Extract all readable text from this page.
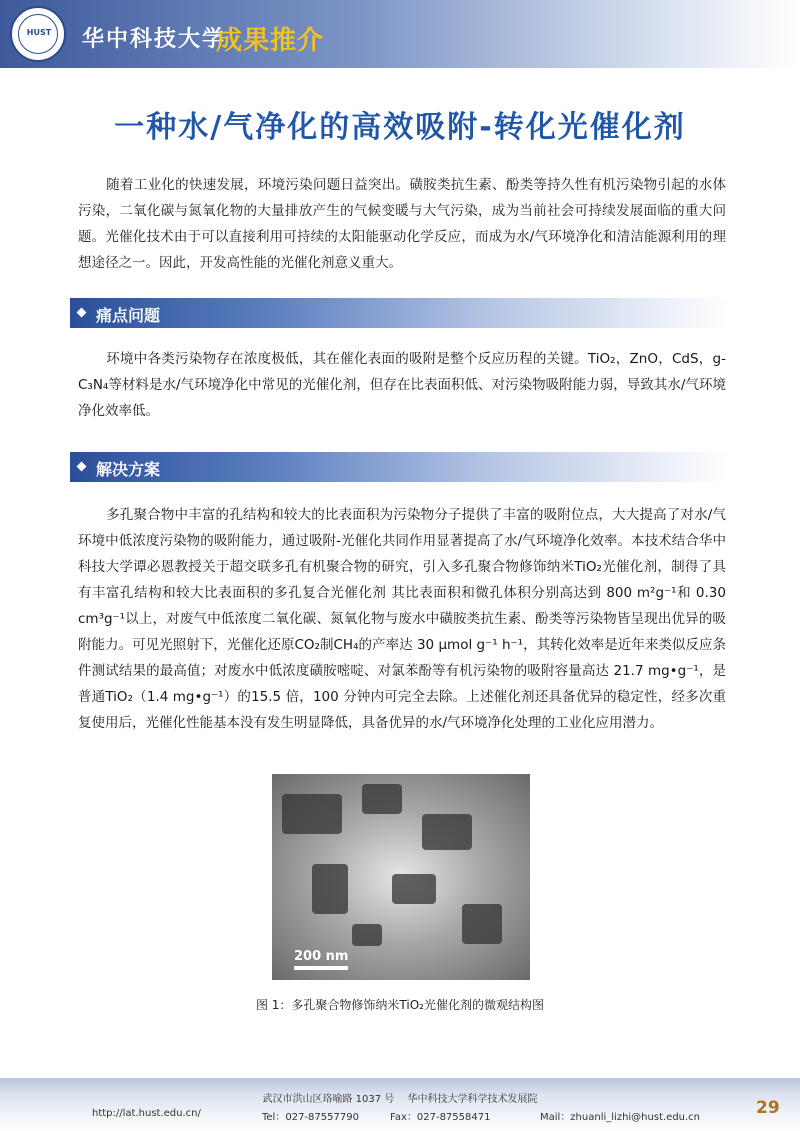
HUST	华中科技大学
成果推介
一种水/气净化的高效吸附-转化光催化剂

随着工业化的快速发展，环境污染问题日益突出。磺胺类抗生素、酚类等持久性有机污染物引起的水体污染，二氧化碳与氮氧化物的大量排放产生的气候变暖与大气污染，成为当前社会可持续发展面临的重大问题。光催化技术由于可以直接利用可持续的太阳能驱动化学反应，而成为水/气环境净化和清洁能源利用的理想途径之一。因此，开发高性能的光催化剂意义重大。

痛点问题

环境中各类污染物存在浓度极低，其在催化表面的吸附是整个反应历程的关键。TiO₂，ZnO，CdS，g-C₃N₄等材料是水/气环境净化中常见的光催化剂，但存在比表面积低、对污染物吸附能力弱，导致其水/气环境净化效率低。

解决方案

多孔聚合物中丰富的孔结构和较大的比表面积为污染物分子提供了丰富的吸附位点，大大提高了对水/气环境中低浓度污染物的吸附能力，通过吸附-光催化共同作用显著提高了水/气环境净化效率。本技术结合华中科技大学谭必恩教授关于超交联多孔有机聚合物的研究，引入多孔聚合物修饰纳米TiO₂光催化剂，制得了具有丰富孔结构和较大比表面积的多孔复合光催化剂 其比表面积和微孔体积分别高达到 800 m²g⁻¹和 0.30 cm³g⁻¹以上，对废气中低浓度二氧化碳、氮氧化物与废水中磺胺类抗生素、酚类等污染物皆呈现出优异的吸附能力。可见光照射下，光催化还原CO₂制CH₄的产率达 30 μmol g⁻¹ h⁻¹，其转化效率是近年来类似反应条件测试结果的最高值；对废水中低浓度磺胺嘧啶、对氯苯酚等有机污染物的吸附容量高达 21.7 mg•g⁻¹，是普通TiO₂（1.4 mg•g⁻¹）的15.5 倍，100 分钟内可完全去除。上述催化剂还具备优异的稳定性，经多次重复使用后，光催化性能基本没有发生明显降低，具备优异的水/气环境净化处理的工业化应用潜力。

200 nm
图 1：多孔聚合物修饰纳米TiO₂光催化剂的微观结构图
武汉市洪山区珞喻路 1037 号　 华中科技大学科学技术发展院
http://lat.hust.edu.cn/	Tel：027-87557790	Fax：027-87558471	Mail：zhuanli_lizhi@hust.edu.cn	29
